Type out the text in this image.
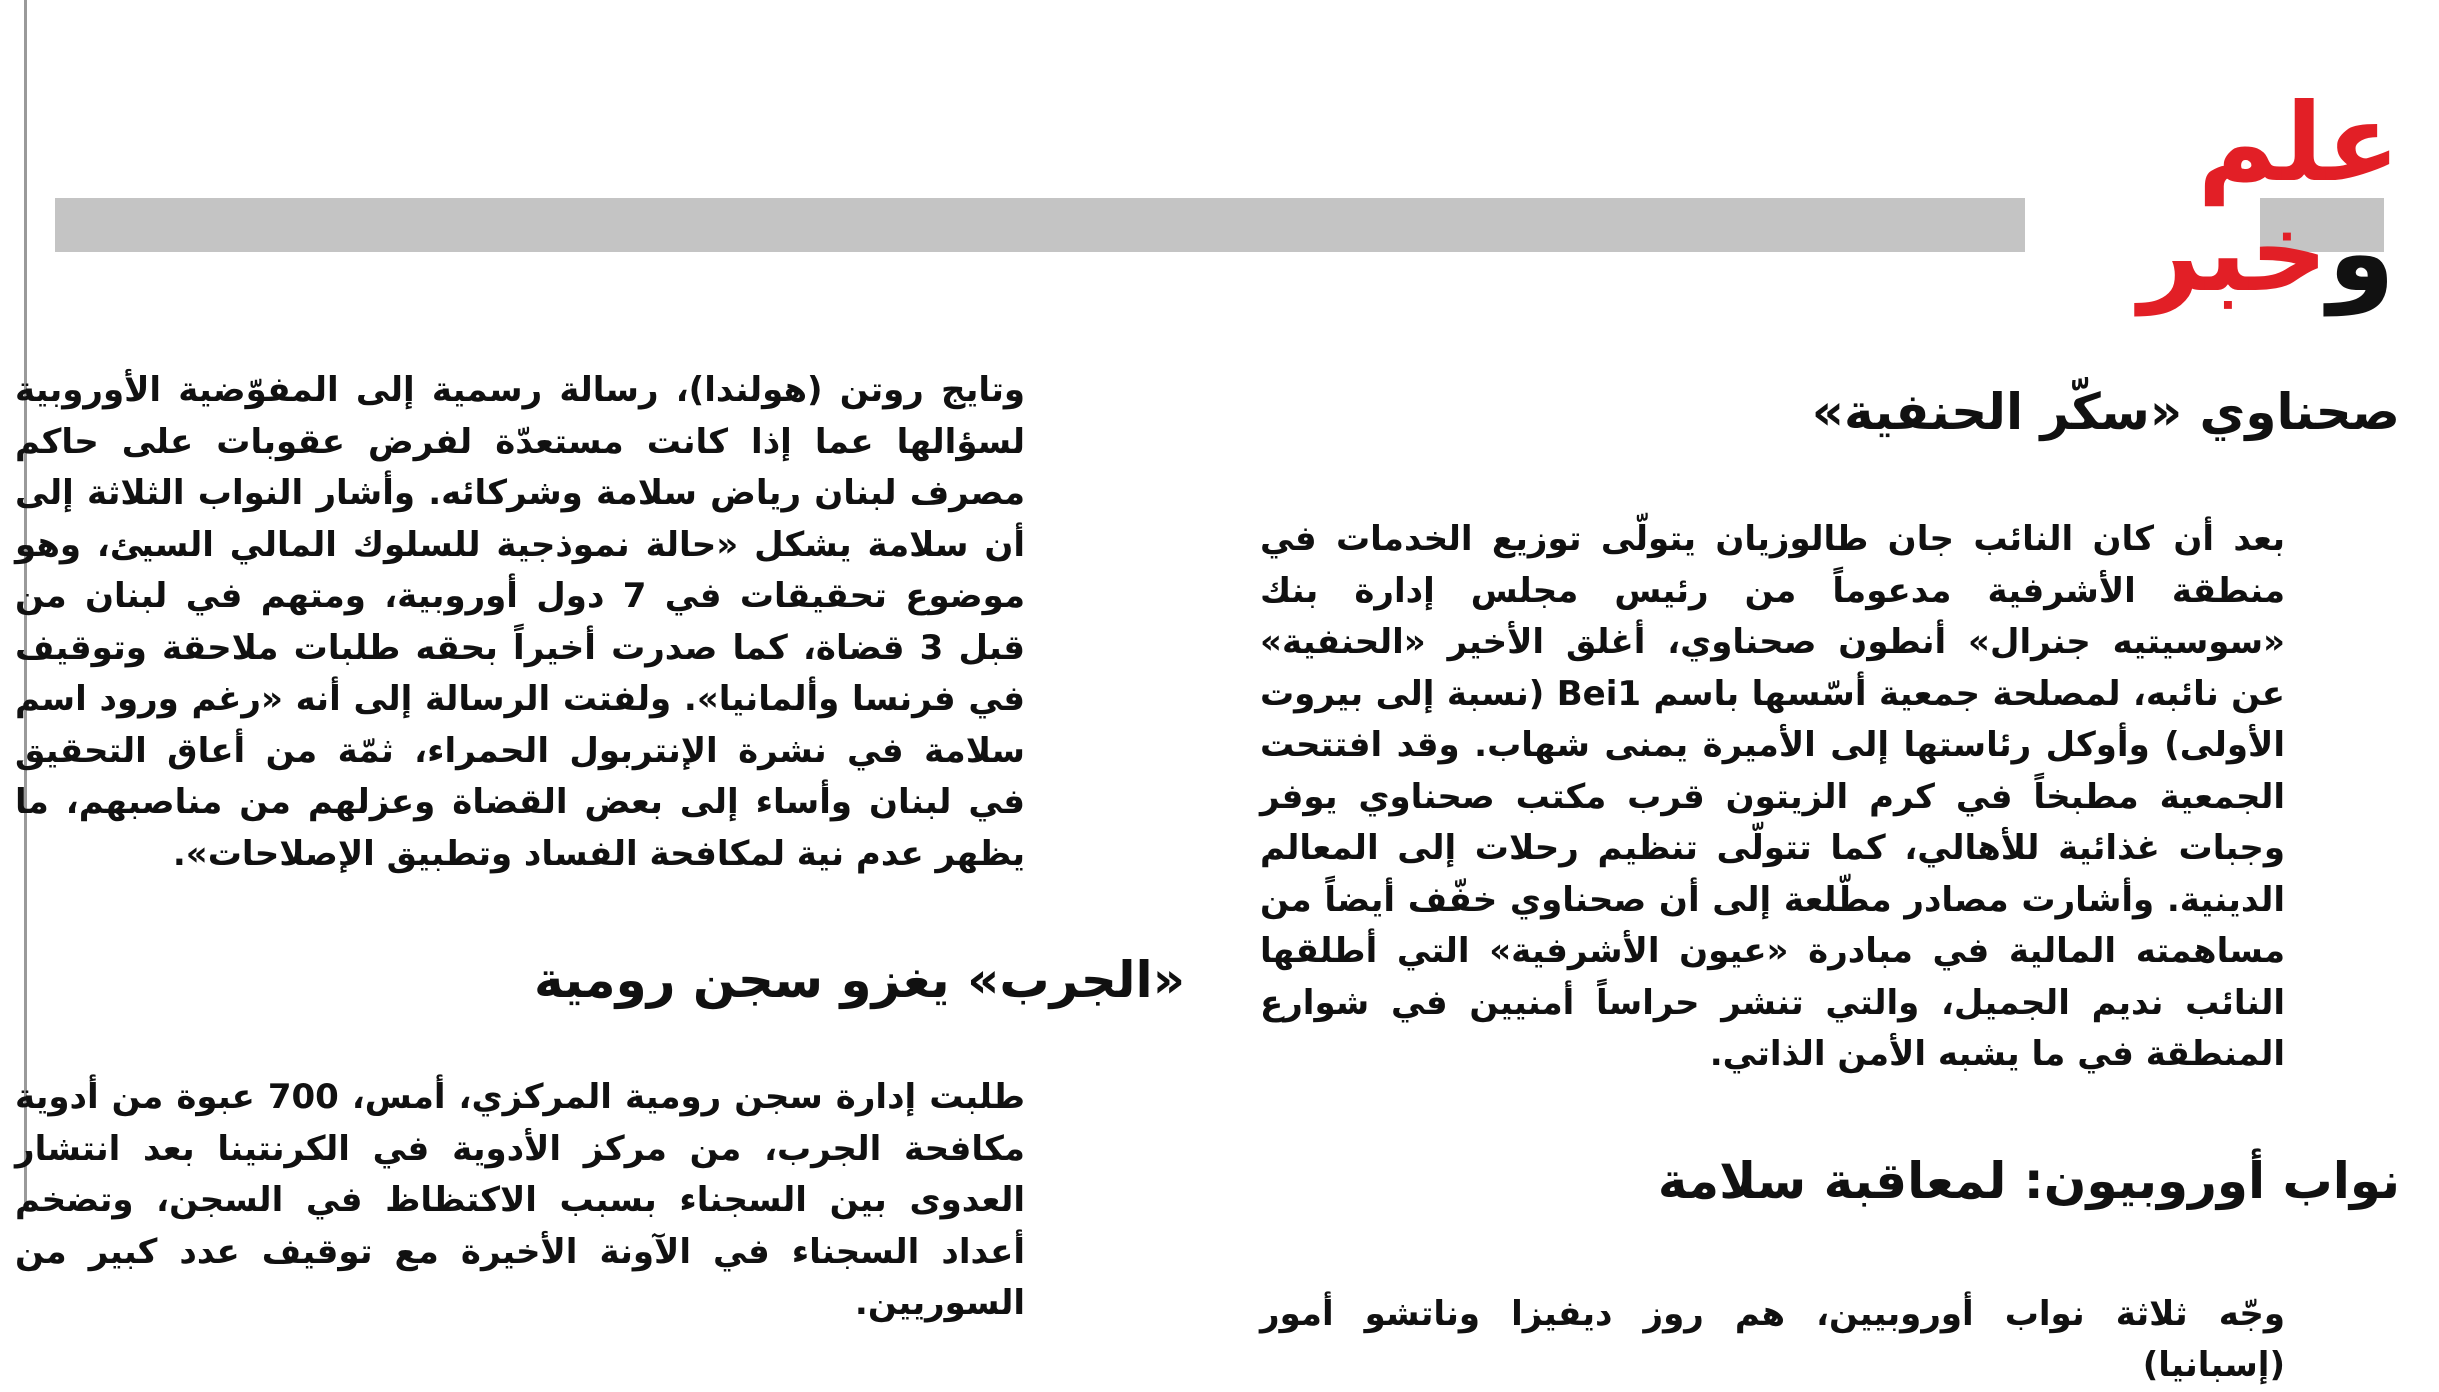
علم
وخبر
صحناوي «سكّر الحنفية»

بعد أن كان النائب جان طالوزيان يتولّى توزيع الخدمات في منطقة الأشرفية مدعوماً من رئيس مجلس إدارة بنك «سوسيتيه جنرال» أنطون صحناوي، أغلق الأخير «الحنفية» عن نائبه، لمصلحة جمعية أسّسها باسم Bei1 (نسبة إلى بيروت الأولى) وأوكل رئاستها إلى الأميرة يمنى شهاب. وقد افتتحت الجمعية مطبخاً في كرم الزيتون قرب مكتب صحناوي يوفر وجبات غذائية للأهالي، كما تتولّى تنظيم رحلات إلى المعالم الدينية. وأشارت مصادر مطّلعة إلى أن صحناوي خفّف أيضاً من مساهمته المالية في مبادرة «عيون الأشرفية» التي أطلقها النائب نديم الجميل، والتي تنشر حراساً أمنيين في شوارع المنطقة في ما يشبه الأمن الذاتي.

نواب أوروبيون: لمعاقبة سلامة

وجّه ثلاثة نواب أوروبيين، هم روز ديفيزا وناتشو أمور (إسبانيا)

وتايج روتن (هولندا)، رسالة رسمية إلى المفوّضية الأوروبية لسؤالها عما إذا كانت مستعدّة لفرض عقوبات على حاكم مصرف لبنان رياض سلامة وشركائه. وأشار النواب الثلاثة إلى أن سلامة يشكل «حالة نموذجية للسلوك المالي السيئ، وهو موضوع تحقيقات في 7 دول أوروبية، ومتهم في لبنان من قبل 3 قضاة، كما صدرت أخيراً بحقه طلبات ملاحقة وتوقيف في فرنسا وألمانيا». ولفتت الرسالة إلى أنه «رغم ورود اسم سلامة في نشرة الإنتربول الحمراء، ثمّة من أعاق التحقيق في لبنان وأساء إلى بعض القضاة وعزلهم من مناصبهم، ما يظهر عدم نية لمكافحة الفساد وتطبيق الإصلاحات».

«الجرب» يغزو سجن رومية

طلبت إدارة سجن رومية المركزي، أمس، 700 عبوة من أدوية مكافحة الجرب، من مركز الأدوية في الكرنتينا بعد انتشار العدوى بين السجناء بسبب الاكتظاظ في السجن، وتضخم أعداد السجناء في الآونة الأخيرة مع توقيف عدد كبير من السوريين.
